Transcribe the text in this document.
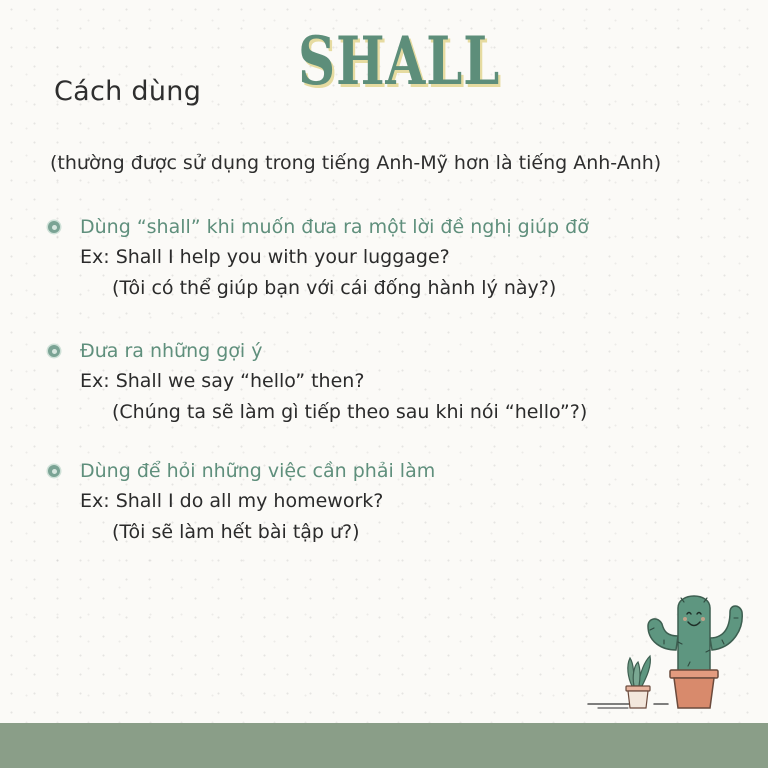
Cách dùng SHALL
(thường được sử dụng trong tiếng Anh-Mỹ hơn là tiếng Anh-Anh)
Dùng “shall” khi muốn đưa ra một lời đề nghị giúp đỡ
Ex: Shall I help you with your luggage?
(Tôi có thể giúp bạn với cái đống hành lý này?)
Đưa ra những gợi ý
Ex: Shall we say “hello” then?
(Chúng ta sẽ làm gì tiếp theo sau khi nói “hello”?)
Dùng để hỏi những việc cần phải làm
Ex: Shall I do all my homework?
(Tôi sẽ làm hết bài tập ư?)
